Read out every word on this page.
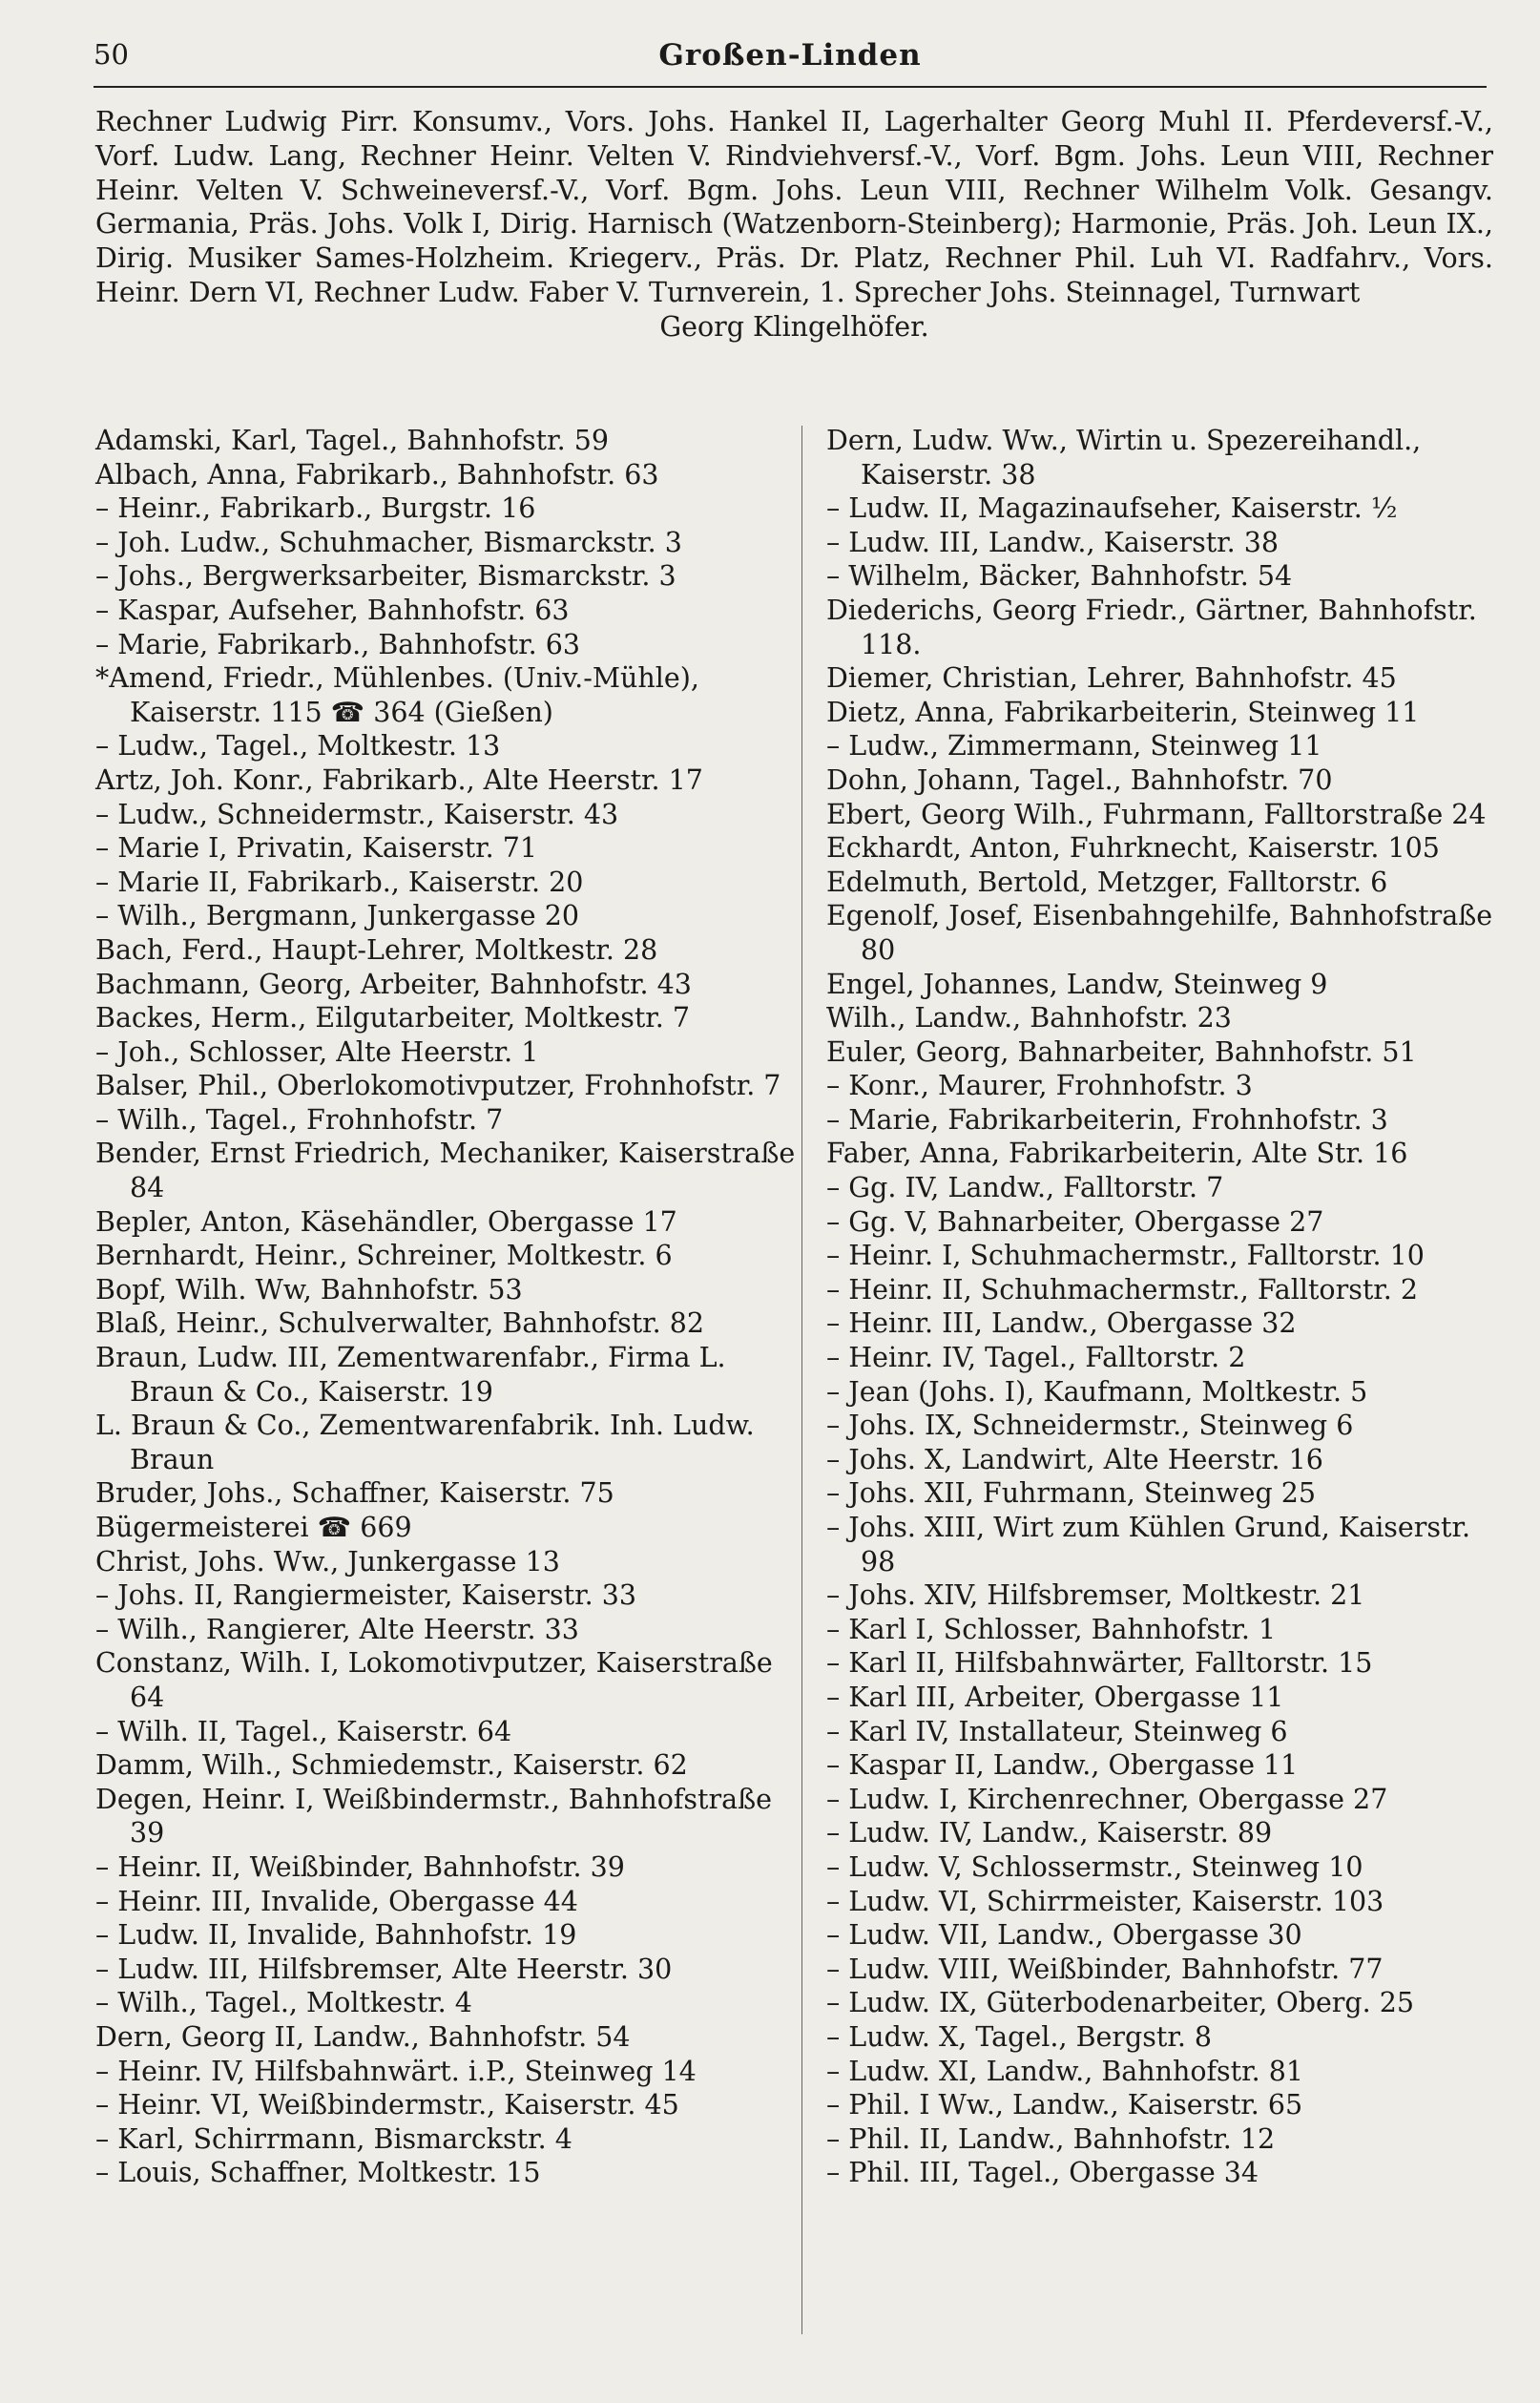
50	Großen-Linden

Rechner Ludwig Pirr. Konsumv., Vors. Johs. Hankel II, Lagerhalter Georg Muhl II. Pferdeversf.-V., Vorf. Ludw. Lang, Rechner Heinr. Velten V. Rindviehversf.-V., Vorf. Bgm. Johs. Leun VIII, Rechner Heinr. Velten V. Schweineversf.-V., Vorf. Bgm. Johs. Leun VIII, Rechner Wilhelm Volk. Gesangv. Germania, Präs. Johs. Volk I, Dirig. Harnisch (Watzenborn-Steinberg); Harmonie, Präs. Joh. Leun IX., Dirig. Musiker Sames-Holzheim. Kriegerv., Präs. Dr. Platz, Rechner Phil. Luh VI. Radfahrv., Vors. Heinr. Dern VI, Rechner Ludw. Faber V. Turnverein, 1. Sprecher Johs. Steinnagel, Turnwart

Georg Klingelhöfer.

Adamski, Karl, Tagel., Bahnhofstr. 59
Albach, Anna, Fabrikarb., Bahnhofstr. 63
– Heinr., Fabrikarb., Burgstr. 16
– Joh. Ludw., Schuhmacher, Bismarckstr. 3
– Johs., Bergwerksarbeiter, Bismarckstr. 3
– Kaspar, Aufseher, Bahnhofstr. 63
– Marie, Fabrikarb., Bahnhofstr. 63
*Amend, Friedr., Mühlenbes. (Univ.-Mühle), Kaiserstr. 115 ☎ 364 (Gießen)
– Ludw., Tagel., Moltkestr. 13
Artz, Joh. Konr., Fabrikarb., Alte Heerstr. 17
– Ludw., Schneidermstr., Kaiserstr. 43
– Marie I, Privatin, Kaiserstr. 71
– Marie II, Fabrikarb., Kaiserstr. 20
– Wilh., Bergmann, Junkergasse 20
Bach, Ferd., Haupt-Lehrer, Moltkestr. 28
Bachmann, Georg, Arbeiter, Bahnhofstr. 43
Backes, Herm., Eilgutarbeiter, Moltkestr. 7
– Joh., Schlosser, Alte Heerstr. 1
Balser, Phil., Oberlokomotivputzer, Frohnhofstr. 7
– Wilh., Tagel., Frohnhofstr. 7
Bender, Ernst Friedrich, Mechaniker, Kaiserstraße 84
Bepler, Anton, Käsehändler, Obergasse 17
Bernhardt, Heinr., Schreiner, Moltkestr. 6
Bopf, Wilh. Ww, Bahnhofstr. 53
Blaß, Heinr., Schulverwalter, Bahnhofstr. 82
Braun, Ludw. III, Zementwarenfabr., Firma L. Braun & Co., Kaiserstr. 19
L. Braun & Co., Zementwarenfabrik. Inh. Ludw. Braun
Bruder, Johs., Schaffner, Kaiserstr. 75
Bügermeisterei ☎ 669
Christ, Johs. Ww., Junkergasse 13
– Johs. II, Rangiermeister, Kaiserstr. 33
– Wilh., Rangierer, Alte Heerstr. 33
Constanz, Wilh. I, Lokomotivputzer, Kaiserstraße 64
– Wilh. II, Tagel., Kaiserstr. 64
Damm, Wilh., Schmiedemstr., Kaiserstr. 62
Degen, Heinr. I, Weißbindermstr., Bahnhofstraße 39
– Heinr. II, Weißbinder, Bahnhofstr. 39
– Heinr. III, Invalide, Obergasse 44
– Ludw. II, Invalide, Bahnhofstr. 19
– Ludw. III, Hilfsbremser, Alte Heerstr. 30
– Wilh., Tagel., Moltkestr. 4
Dern, Georg II, Landw., Bahnhofstr. 54
– Heinr. IV, Hilfsbahnwärt. i.P., Steinweg 14
– Heinr. VI, Weißbindermstr., Kaiserstr. 45
– Karl, Schirrmann, Bismarckstr. 4
– Louis, Schaffner, Moltkestr. 15
Dern, Ludw. Ww., Wirtin u. Spezereihandl., Kaiserstr. 38
– Ludw. II, Magazinaufseher, Kaiserstr. ½
– Ludw. III, Landw., Kaiserstr. 38
– Wilhelm, Bäcker, Bahnhofstr. 54
Diederichs, Georg Friedr., Gärtner, Bahnhofstr. 118.
Diemer, Christian, Lehrer, Bahnhofstr. 45
Dietz, Anna, Fabrikarbeiterin, Steinweg 11
– Ludw., Zimmermann, Steinweg 11
Dohn, Johann, Tagel., Bahnhofstr. 70
Ebert, Georg Wilh., Fuhrmann, Falltorstraße 24
Eckhardt, Anton, Fuhrknecht, Kaiserstr. 105
Edelmuth, Bertold, Metzger, Falltorstr. 6
Egenolf, Josef, Eisenbahngehilfe, Bahnhofstraße 80
Engel, Johannes, Landw, Steinweg 9
Wilh., Landw., Bahnhofstr. 23
Euler, Georg, Bahnarbeiter, Bahnhofstr. 51
– Konr., Maurer, Frohnhofstr. 3
– Marie, Fabrikarbeiterin, Frohnhofstr. 3
Faber, Anna, Fabrikarbeiterin, Alte Str. 16
– Gg. IV, Landw., Falltorstr. 7
– Gg. V, Bahnarbeiter, Obergasse 27
– Heinr. I, Schuhmachermstr., Falltorstr. 10
– Heinr. II, Schuhmachermstr., Falltorstr. 2
– Heinr. III, Landw., Obergasse 32
– Heinr. IV, Tagel., Falltorstr. 2
– Jean (Johs. I), Kaufmann, Moltkestr. 5
– Johs. IX, Schneidermstr., Steinweg 6
– Johs. X, Landwirt, Alte Heerstr. 16
– Johs. XII, Fuhrmann, Steinweg 25
– Johs. XIII, Wirt zum Kühlen Grund, Kaiserstr. 98
– Johs. XIV, Hilfsbremser, Moltkestr. 21
– Karl I, Schlosser, Bahnhofstr. 1
– Karl II, Hilfsbahnwärter, Falltorstr. 15
– Karl III, Arbeiter, Obergasse 11
– Karl IV, Installateur, Steinweg 6
– Kaspar II, Landw., Obergasse 11
– Ludw. I, Kirchenrechner, Obergasse 27
– Ludw. IV, Landw., Kaiserstr. 89
– Ludw. V, Schlossermstr., Steinweg 10
– Ludw. VI, Schirrmeister, Kaiserstr. 103
– Ludw. VII, Landw., Obergasse 30
– Ludw. VIII, Weißbinder, Bahnhofstr. 77
– Ludw. IX, Güterbodenarbeiter, Oberg. 25
– Ludw. X, Tagel., Bergstr. 8
– Ludw. XI, Landw., Bahnhofstr. 81
– Phil. I Ww., Landw., Kaiserstr. 65
– Phil. II, Landw., Bahnhofstr. 12
– Phil. III, Tagel., Obergasse 34
